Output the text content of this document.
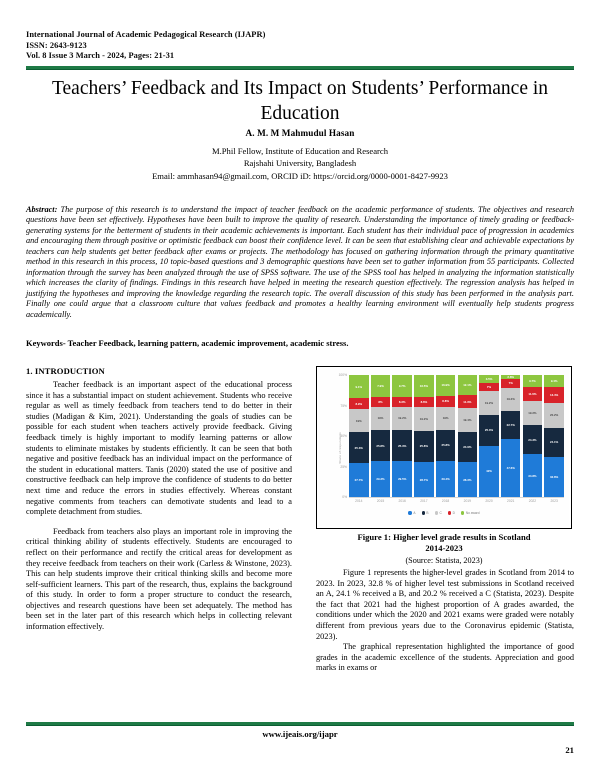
International Journal of Academic Pedagogical Research (IJAPR)
ISSN: 2643-9123
Vol. 8 Issue 3 March - 2024, Pages: 21-31
Teachers’ Feedback and Its Impact on Students’ Performance in Education
A. M. M Mahmudul Hasan
M.Phil Fellow, Institute of Education and Research
Rajshahi University, Bangladesh
Email: ammhasan94@gmail.com, ORCID iD: https://orcid.org/0000-0001-8427-9923
Abstract: The purpose of this research is to understand the impact of teacher feedback on the academic performance of students. The objectives and research questions have been set effectively. Hypotheses have been built to improve the quality of research. Understanding the importance of timely grading or feedback-generating systems for the betterment of students in their academic achievements is important. Each student has their individual pace of progression in academics and encouraging them through positive or optimistic feedback can boost their confidence level. It can be seen that establishing clear and achievable expectations by teachers can help students get better feedback after exams or projects. The methodology has focused on gathering information through the primary quantitative method in this research in this process, 10 topic-based questions and 3 demographic questions have been set to gather information from 55 participants. Collected information through the survey has been analyzed through the use of SPSS software. The use of the SPSS tool has helped in analyzing the information statistically which increases the clarity of findings. Findings in this research have helped in meeting the research question effectively. The regression analysis has helped in justifying the hypotheses and improving the knowledge regarding the research topic. The overall discussion of this study has been performed in the analysis part. Finally one could argue that a classroom culture that values feedback and promotes a healthy learning environment will eventually help students progress academically.
Keywords- Teacher Feedback, learning pattern, academic improvement, academic stress.
1. INTRODUCTION

Teacher feedback is an important aspect of the educational process since it has a substantial impact on student achievement. Students who receive regular as well as timely feedback from teachers tend to do better in their studies (Madigan & Kim, 2021). Understanding the goals of studies can be possible for each student when teachers actively provide feedback. Giving feedback timely is highly important to modify learning patterns or allow students to eliminate mistakes by students efficiently. It can be seen that both negative and positive feedback has an individual impact on the performance of the student in educational matters. Tanis (2020) stated the use of positive and constructive feedback can help improve the confidence of students to do better next time and reduce the errors in studies effectively. Whereas constant negative comments from teachers can demotivate students and lead to a complete detachment from studies.

Feedback from teachers also plays an important role in improving the critical thinking ability of students effectively. Students are encouraged to reflect on their performance and rectify the critical areas for development as they receive feedback from teachers on their work (Carless & Winstone, 2023). This can help students improve their critical thinking skills and become more self-sufficient learners. This part of the research, thus, explains the background of this study. In order to form a proper structure to conduct the research, objectives and research questions have been set adequately. The method has been set in the later part of this research which helps in collecting relevant information effectively.

Share of respondents
0%
25%
50%
75%
100%
9.1%
8.9%
19%
25.3%
27.7%
7.9%
8%
19%
25.8%
29.3%
9.7%
8.3%
19.2%
25.3%
29.5%
16.5%
8.6%
19.2%
25.8%
28.7%
16.9%
8.8%
19%
25.8%
29.4%
12.1%
11.3%
19.4%
24.9%
28.3%
3.5%
7%
19.2%
25.3%
42%
2.8%
7%
19.2%
22.7%
47.6%
9.7%
11.6%
19.2%
24.3%
34.8%
9.4%
13.4%
20.2%
24.1%
32.8%
2014	2015	2016	2017	2018	2019	2020	2021	2022	2023
A	B	C	D	No award
Figure 1: Higher level grade results in Scotland
2014-2023
(Source: Statista, 2023)

Figure 1 represents the higher-level grades in Scotland from 2014 to 2023. In 2023, 32.8 % of higher level test submissions in Scotland received an A, 24.1 % received a B, and 20.2 % received a C (Statista, 2023). Despite the fact that 2021 had the highest proportion of A grades awarded, the conditions under which the 2020 and 2021 exams were graded were notably different from previous years due to the Coronavirus epidemic (Statista, 2023).

The graphical representation highlighted the importance of good grades in the academic excellence of the students. Appreciation and good marks in exams or

www.ijeais.org/ijapr
21
